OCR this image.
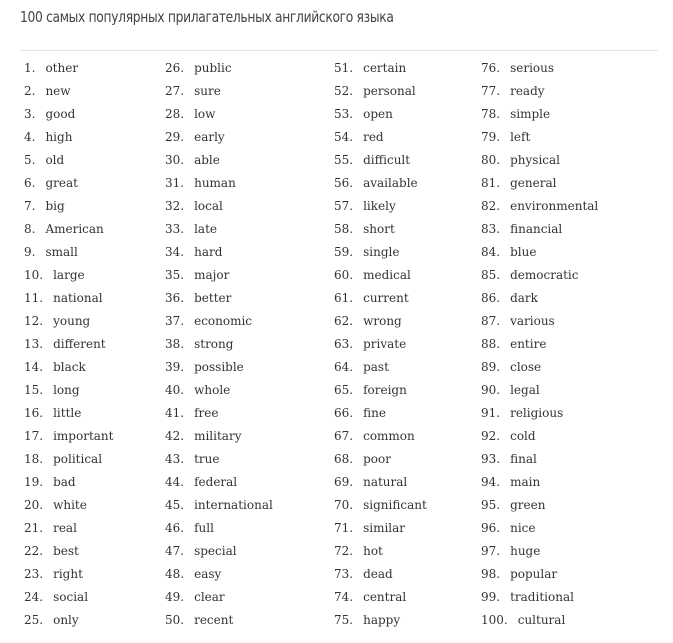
100 самых популярных прилагательных английского языка
1. other
2. new
3. good
4. high
5. old
6. great
7. big
8. American
9. small
10. large
11. national
12. young
13. different
14. black
15. long
16. little
17. important
18. political
19. bad
20. white
21. real
22. best
23. right
24. social
25. only
26. public
27. sure
28. low
29. early
30. able
31. human
32. local
33. late
34. hard
35. major
36. better
37. economic
38. strong
39. possible
40. whole
41. free
42. military
43. true
44. federal
45. international
46. full
47. special
48. easy
49. clear
50. recent
51. certain
52. personal
53. open
54. red
55. difficult
56. available
57. likely
58. short
59. single
60. medical
61. current
62. wrong
63. private
64. past
65. foreign
66. fine
67. common
68. poor
69. natural
70. significant
71. similar
72. hot
73. dead
74. central
75. happy
76. serious
77. ready
78. simple
79. left
80. physical
81. general
82. environmental
83. financial
84. blue
85. democratic
86. dark
87. various
88. entire
89. close
90. legal
91. religious
92. cold
93. final
94. main
95. green
96. nice
97. huge
98. popular
99. traditional
100. cultural
